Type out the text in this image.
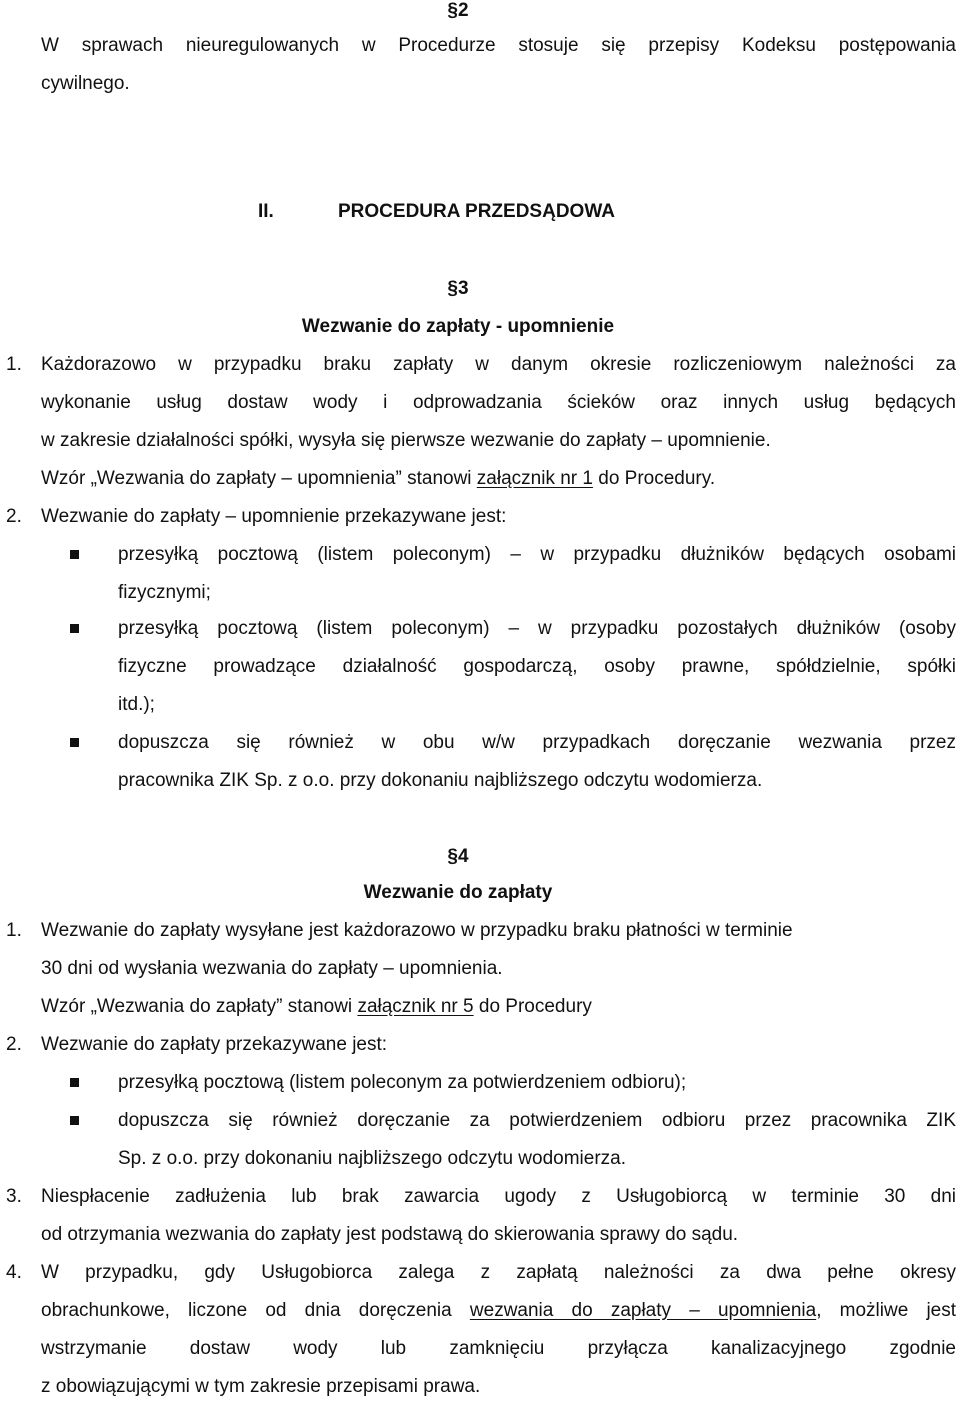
§2
W sprawach nieuregulowanych w Procedurze stosuje się przepisy Kodeksu postępowania
cywilnego.
II.	PROCEDURA PRZEDSĄDOWA
§3
Wezwanie do zapłaty - upomnienie
1. Każdorazowo w przypadku braku zapłaty w danym okresie rozliczeniowym należności za
wykonanie usług dostaw wody i odprowadzania ścieków oraz innych usług będących
w zakresie działalności spółki, wysyła się pierwsze wezwanie do zapłaty – upomnienie.
Wzór „Wezwania do zapłaty – upomnienia” stanowi załącznik nr 1 do Procedury.
2. Wezwanie do zapłaty – upomnienie przekazywane jest:
przesyłką pocztową (listem poleconym) – w przypadku dłużników będących osobami
fizycznymi;
przesyłką pocztową (listem poleconym) – w przypadku pozostałych dłużników (osoby
fizyczne prowadzące działalność gospodarczą, osoby prawne, spółdzielnie, spółki
itd.);
dopuszcza się również w obu w/w przypadkach doręczanie wezwania przez
pracownika ZIK Sp. z o.o. przy dokonaniu najbliższego odczytu wodomierza.
§4
Wezwanie do zapłaty
1. Wezwanie do zapłaty wysyłane jest każdorazowo w przypadku braku płatności w terminie
30 dni od wysłania wezwania do zapłaty – upomnienia.
Wzór „Wezwania do zapłaty” stanowi załącznik nr 5 do Procedury
2. Wezwanie do zapłaty przekazywane jest:
przesyłką pocztową (listem poleconym za potwierdzeniem odbioru);
dopuszcza się również doręczanie za potwierdzeniem odbioru przez pracownika ZIK
Sp. z o.o. przy dokonaniu najbliższego odczytu wodomierza.
3. Niespłacenie zadłużenia lub brak zawarcia ugody z Usługobiorcą w terminie 30 dni
od otrzymania wezwania do zapłaty jest podstawą do skierowania sprawy do sądu.
4. W przypadku, gdy Usługobiorca zalega z zapłatą należności za dwa pełne okresy
obrachunkowe, liczone od dnia doręczenia wezwania do zapłaty – upomnienia, możliwe jest
wstrzymanie dostaw wody lub zamknięciu przyłącza kanalizacyjnego zgodnie
z obowiązującymi w tym zakresie przepisami prawa.
